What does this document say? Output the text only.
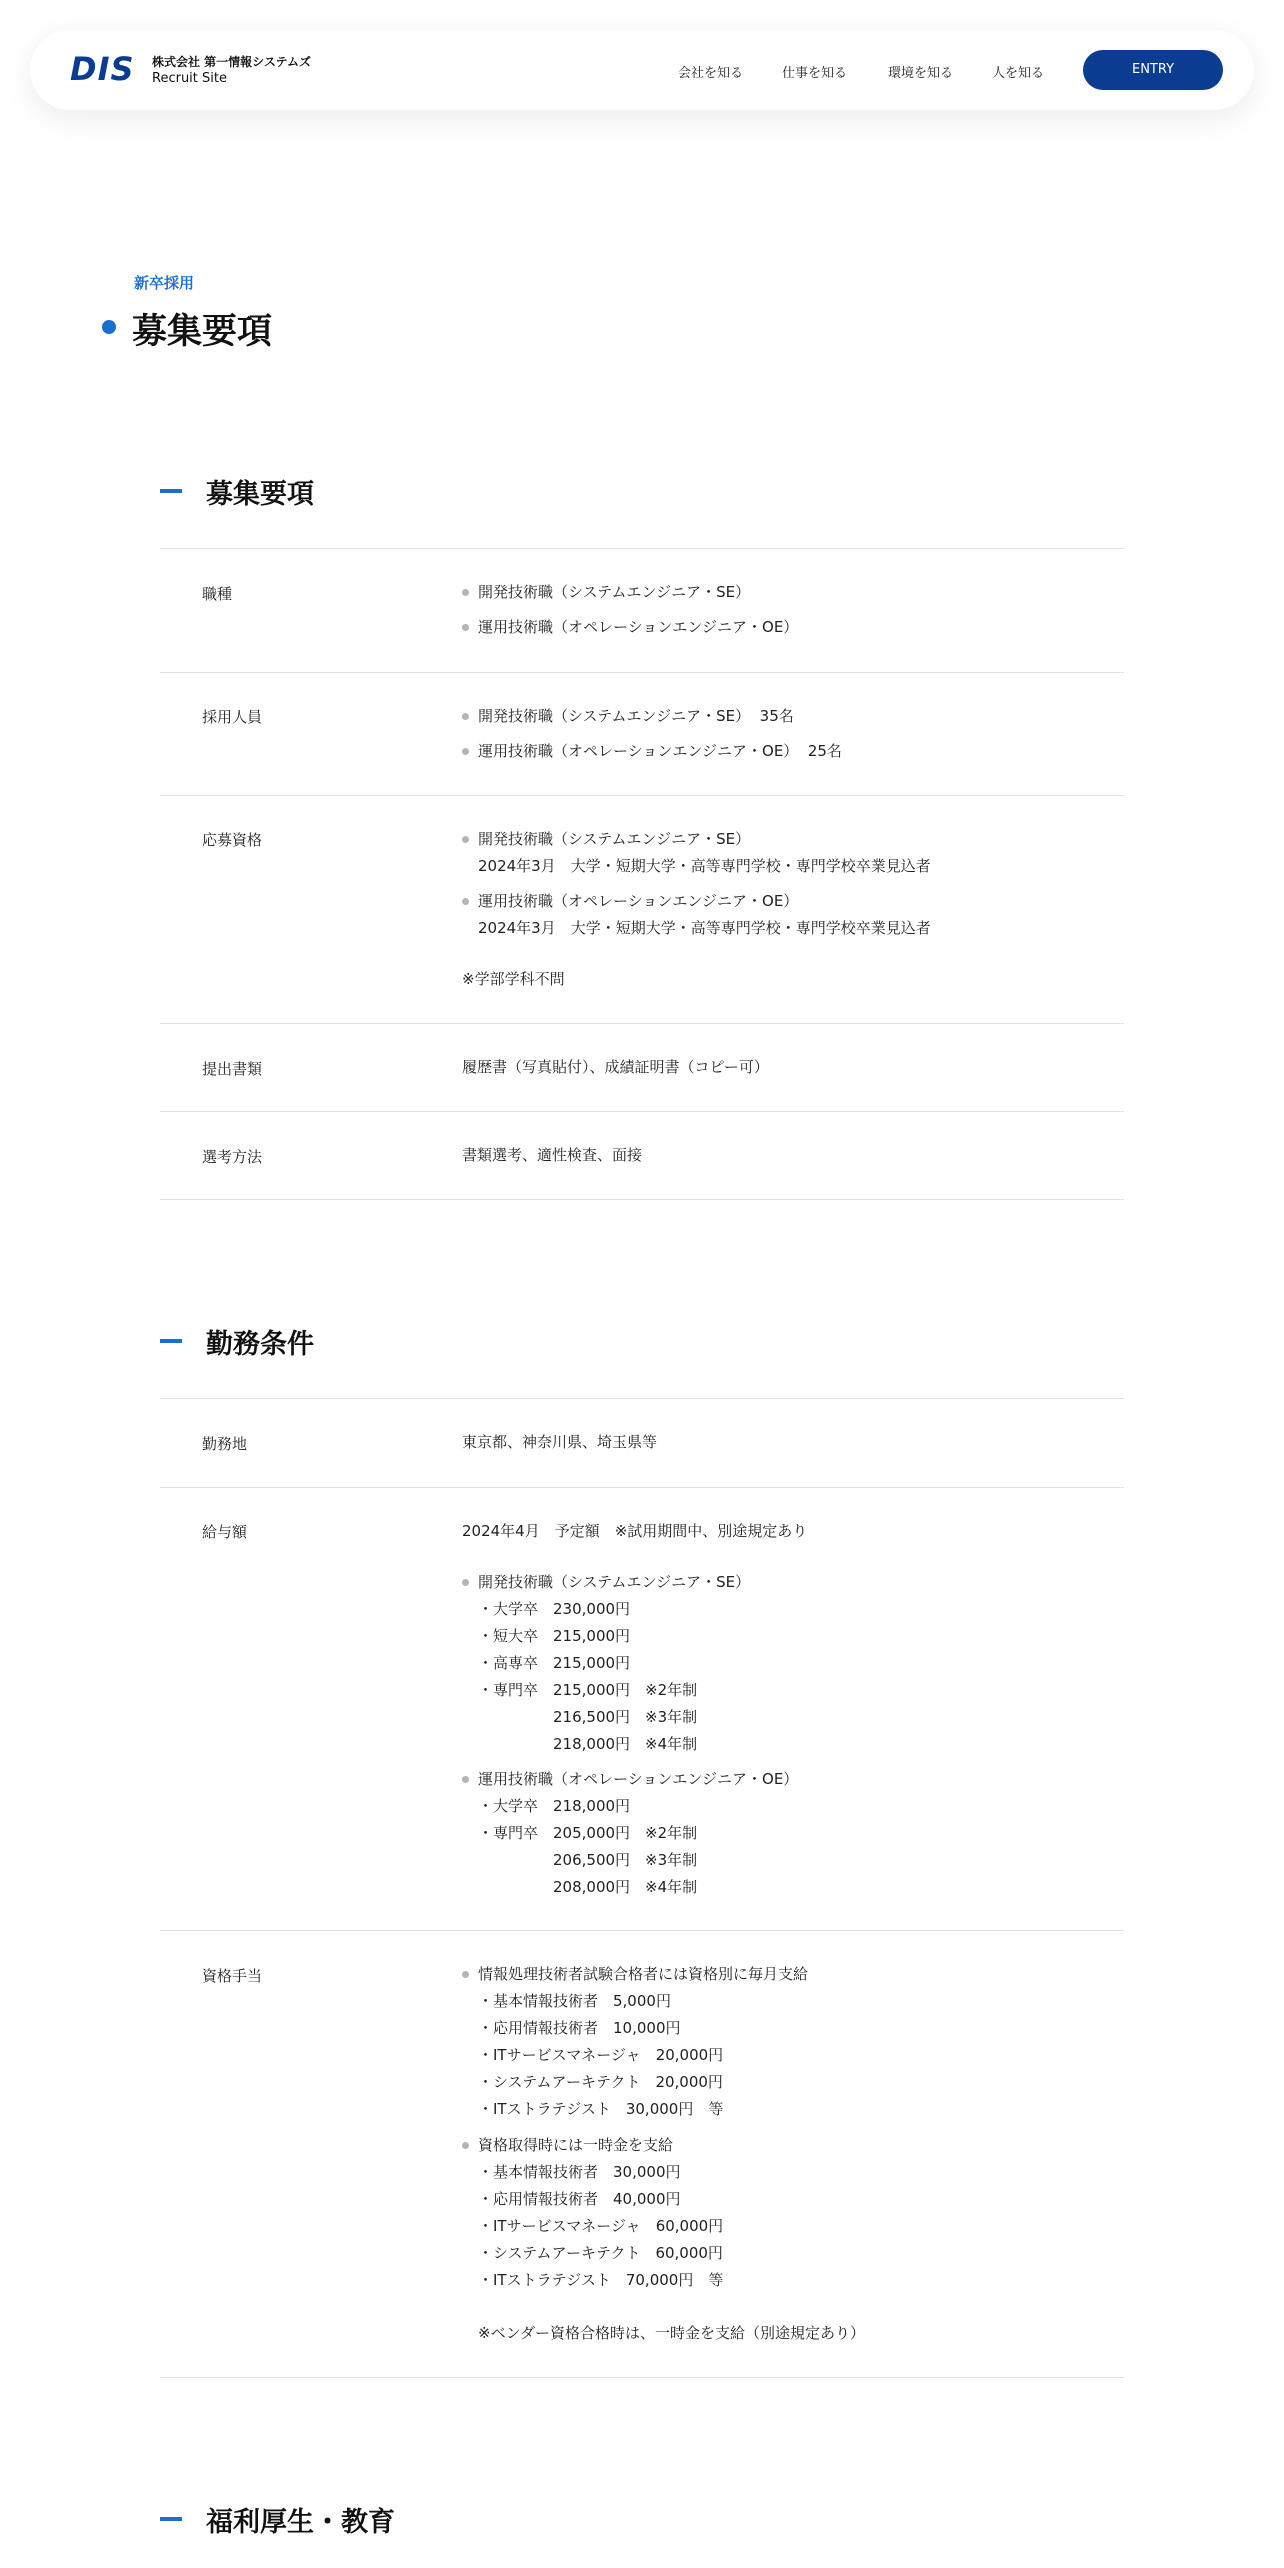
DIS 株式会社 第一情報システムズ
Recruit Site	会社を知る	仕事を知る	環境を知る	人を知る	ENTRY
新卒採用
募集要項
募集要項
職種	開発技術職（システムエンジニア・SE）
運用技術職（オペレーションエンジニア・OE）
採用人員	開発技術職（システムエンジニア・SE）  35名
運用技術職（オペレーションエンジニア・OE）  25名
応募資格	開発技術職（システムエンジニア・SE）
2024年3月　大学・短期大学・高等専門学校・専門学校卒業見込者
運用技術職（オペレーションエンジニア・OE）
2024年3月　大学・短期大学・高等専門学校・専門学校卒業見込者
※学部学科不問
提出書類	履歴書（写真貼付）、成績証明書（コピー可）
選考方法	書類選考、適性検査、面接
勤務条件
勤務地	東京都、神奈川県、埼玉県等
給与額	2024年4月　予定額　※試用期間中、別途規定あり
開発技術職（システムエンジニア・SE）
・大学卒　230,000円
・短大卒　215,000円
・高専卒　215,000円
・専門卒　215,000円　※2年制
　　　　　216,500円　※3年制
　　　　　218,000円　※4年制
運用技術職（オペレーションエンジニア・OE）
・大学卒　218,000円
・専門卒　205,000円　※2年制
　　　　　206,500円　※3年制
　　　　　208,000円　※4年制
資格手当	情報処理技術者試験合格者には資格別に毎月支給
・基本情報技術者　5,000円
・応用情報技術者　10,000円
・ITサービスマネージャ　20,000円
・システムアーキテクト　20,000円
・ITストラテジスト　30,000円　等
資格取得時には一時金を支給
・基本情報技術者　30,000円
・応用情報技術者　40,000円
・ITサービスマネージャ　60,000円
・システムアーキテクト　60,000円
・ITストラテジスト　70,000円　等
※ベンダー資格合格時は、一時金を支給（別途規定あり）
福利厚生・教育
